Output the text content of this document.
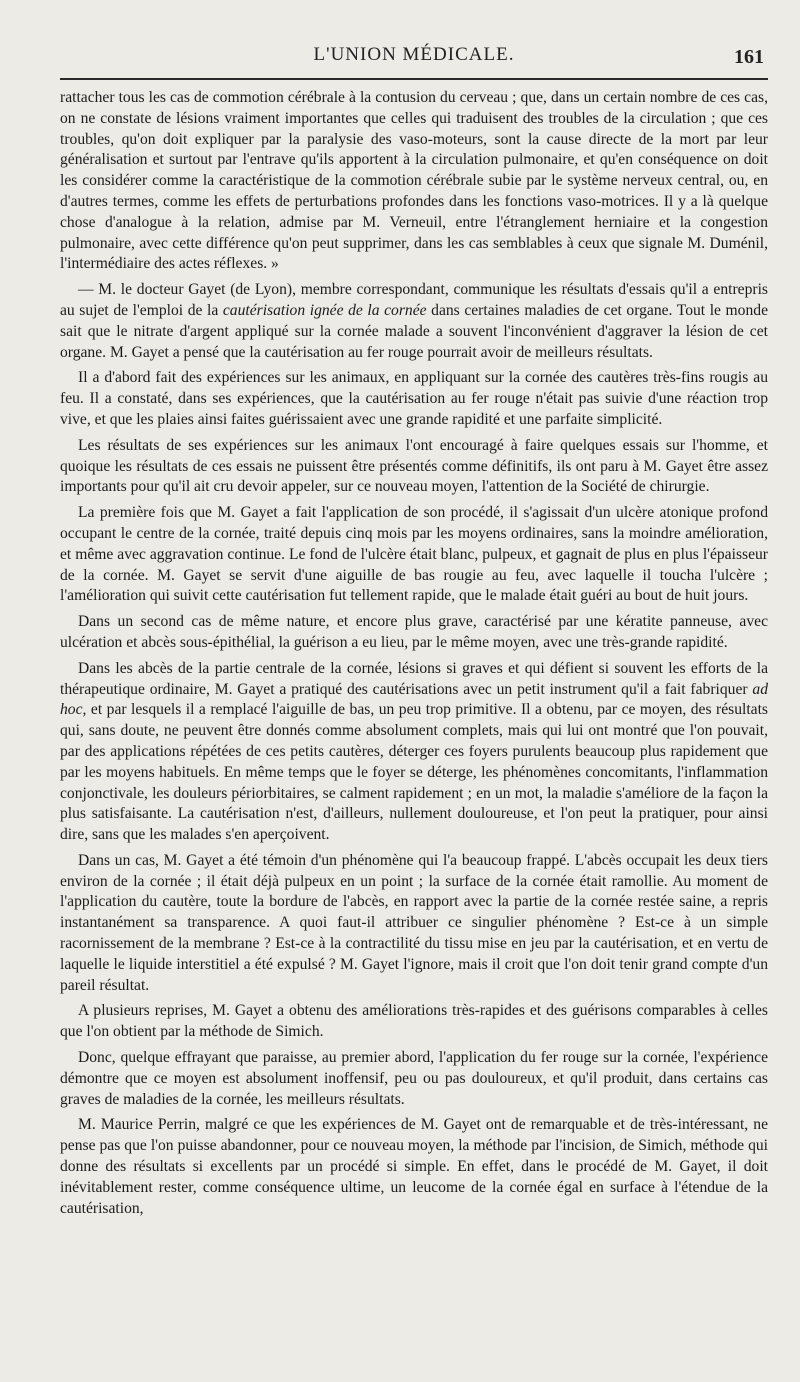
L'UNION MÉDICALE.	161

rattacher tous les cas de commotion cérébrale à la contusion du cerveau ; que, dans un certain nombre de ces cas, on ne constate de lésions vraiment importantes que celles qui traduisent des troubles de la circulation ; que ces troubles, qu'on doit expliquer par la paralysie des vaso-moteurs, sont la cause directe de la mort par leur généralisation et surtout par l'entrave qu'ils apportent à la circulation pulmonaire, et qu'en conséquence on doit les considérer comme la caractéristique de la commotion cérébrale subie par le système nerveux central, ou, en d'autres termes, comme les effets de perturbations profondes dans les fonctions vaso-motrices. Il y a là quelque chose d'analogue à la relation, admise par M. Verneuil, entre l'étranglement herniaire et la congestion pulmonaire, avec cette différence qu'on peut supprimer, dans les cas semblables à ceux que signale M. Duménil, l'intermédiaire des actes réflexes. »

— M. le docteur Gayet (de Lyon), membre correspondant, communique les résultats d'essais qu'il a entrepris au sujet de l'emploi de la cautérisation ignée de la cornée dans certaines maladies de cet organe. Tout le monde sait que le nitrate d'argent appliqué sur la cornée malade a souvent l'inconvénient d'aggraver la lésion de cet organe. M. Gayet a pensé que la cautérisation au fer rouge pourrait avoir de meilleurs résultats.

Il a d'abord fait des expériences sur les animaux, en appliquant sur la cornée des cautères très-fins rougis au feu. Il a constaté, dans ses expériences, que la cautérisation au fer rouge n'était pas suivie d'une réaction trop vive, et que les plaies ainsi faites guérissaient avec une grande rapidité et une parfaite simplicité.

Les résultats de ses expériences sur les animaux l'ont encouragé à faire quelques essais sur l'homme, et quoique les résultats de ces essais ne puissent être présentés comme définitifs, ils ont paru à M. Gayet être assez importants pour qu'il ait cru devoir appeler, sur ce nouveau moyen, l'attention de la Société de chirurgie.

La première fois que M. Gayet a fait l'application de son procédé, il s'agissait d'un ulcère atonique profond occupant le centre de la cornée, traité depuis cinq mois par les moyens ordinaires, sans la moindre amélioration, et même avec aggravation continue. Le fond de l'ulcère était blanc, pulpeux, et gagnait de plus en plus l'épaisseur de la cornée. M. Gayet se servit d'une aiguille de bas rougie au feu, avec laquelle il toucha l'ulcère ; l'amélioration qui suivit cette cautérisation fut tellement rapide, que le malade était guéri au bout de huit jours.

Dans un second cas de même nature, et encore plus grave, caractérisé par une kératite panneuse, avec ulcération et abcès sous-épithélial, la guérison a eu lieu, par le même moyen, avec une très-grande rapidité.

Dans les abcès de la partie centrale de la cornée, lésions si graves et qui défient si souvent les efforts de la thérapeutique ordinaire, M. Gayet a pratiqué des cautérisations avec un petit instrument qu'il a fait fabriquer ad hoc, et par lesquels il a remplacé l'aiguille de bas, un peu trop primitive. Il a obtenu, par ce moyen, des résultats qui, sans doute, ne peuvent être donnés comme absolument complets, mais qui lui ont montré que l'on pouvait, par des applications répétées de ces petits cautères, déterger ces foyers purulents beaucoup plus rapidement que par les moyens habituels. En même temps que le foyer se déterge, les phénomènes concomitants, l'inflammation conjonctivale, les douleurs périorbitaires, se calment rapidement ; en un mot, la maladie s'améliore de la façon la plus satisfaisante. La cautérisation n'est, d'ailleurs, nullement douloureuse, et l'on peut la pratiquer, pour ainsi dire, sans que les malades s'en aperçoivent.

Dans un cas, M. Gayet a été témoin d'un phénomène qui l'a beaucoup frappé. L'abcès occupait les deux tiers environ de la cornée ; il était déjà pulpeux en un point ; la surface de la cornée était ramollie. Au moment de l'application du cautère, toute la bordure de l'abcès, en rapport avec la partie de la cornée restée saine, a repris instantanément sa transparence. A quoi faut-il attribuer ce singulier phénomène ? Est-ce à un simple racornissement de la membrane ? Est-ce à la contractilité du tissu mise en jeu par la cautérisation, et en vertu de laquelle le liquide interstitiel a été expulsé ? M. Gayet l'ignore, mais il croit que l'on doit tenir grand compte d'un pareil résultat.

A plusieurs reprises, M. Gayet a obtenu des améliorations très-rapides et des guérisons comparables à celles que l'on obtient par la méthode de Simich.

Donc, quelque effrayant que paraisse, au premier abord, l'application du fer rouge sur la cornée, l'expérience démontre que ce moyen est absolument inoffensif, peu ou pas douloureux, et qu'il produit, dans certains cas graves de maladies de la cornée, les meilleurs résultats.

M. Maurice Perrin, malgré ce que les expériences de M. Gayet ont de remarquable et de très-intéressant, ne pense pas que l'on puisse abandonner, pour ce nouveau moyen, la méthode par l'incision, de Simich, méthode qui donne des résultats si excellents par un procédé si simple. En effet, dans le procédé de M. Gayet, il doit inévitablement rester, comme conséquence ultime, un leucome de la cornée égal en surface à l'étendue de la cautérisation,
